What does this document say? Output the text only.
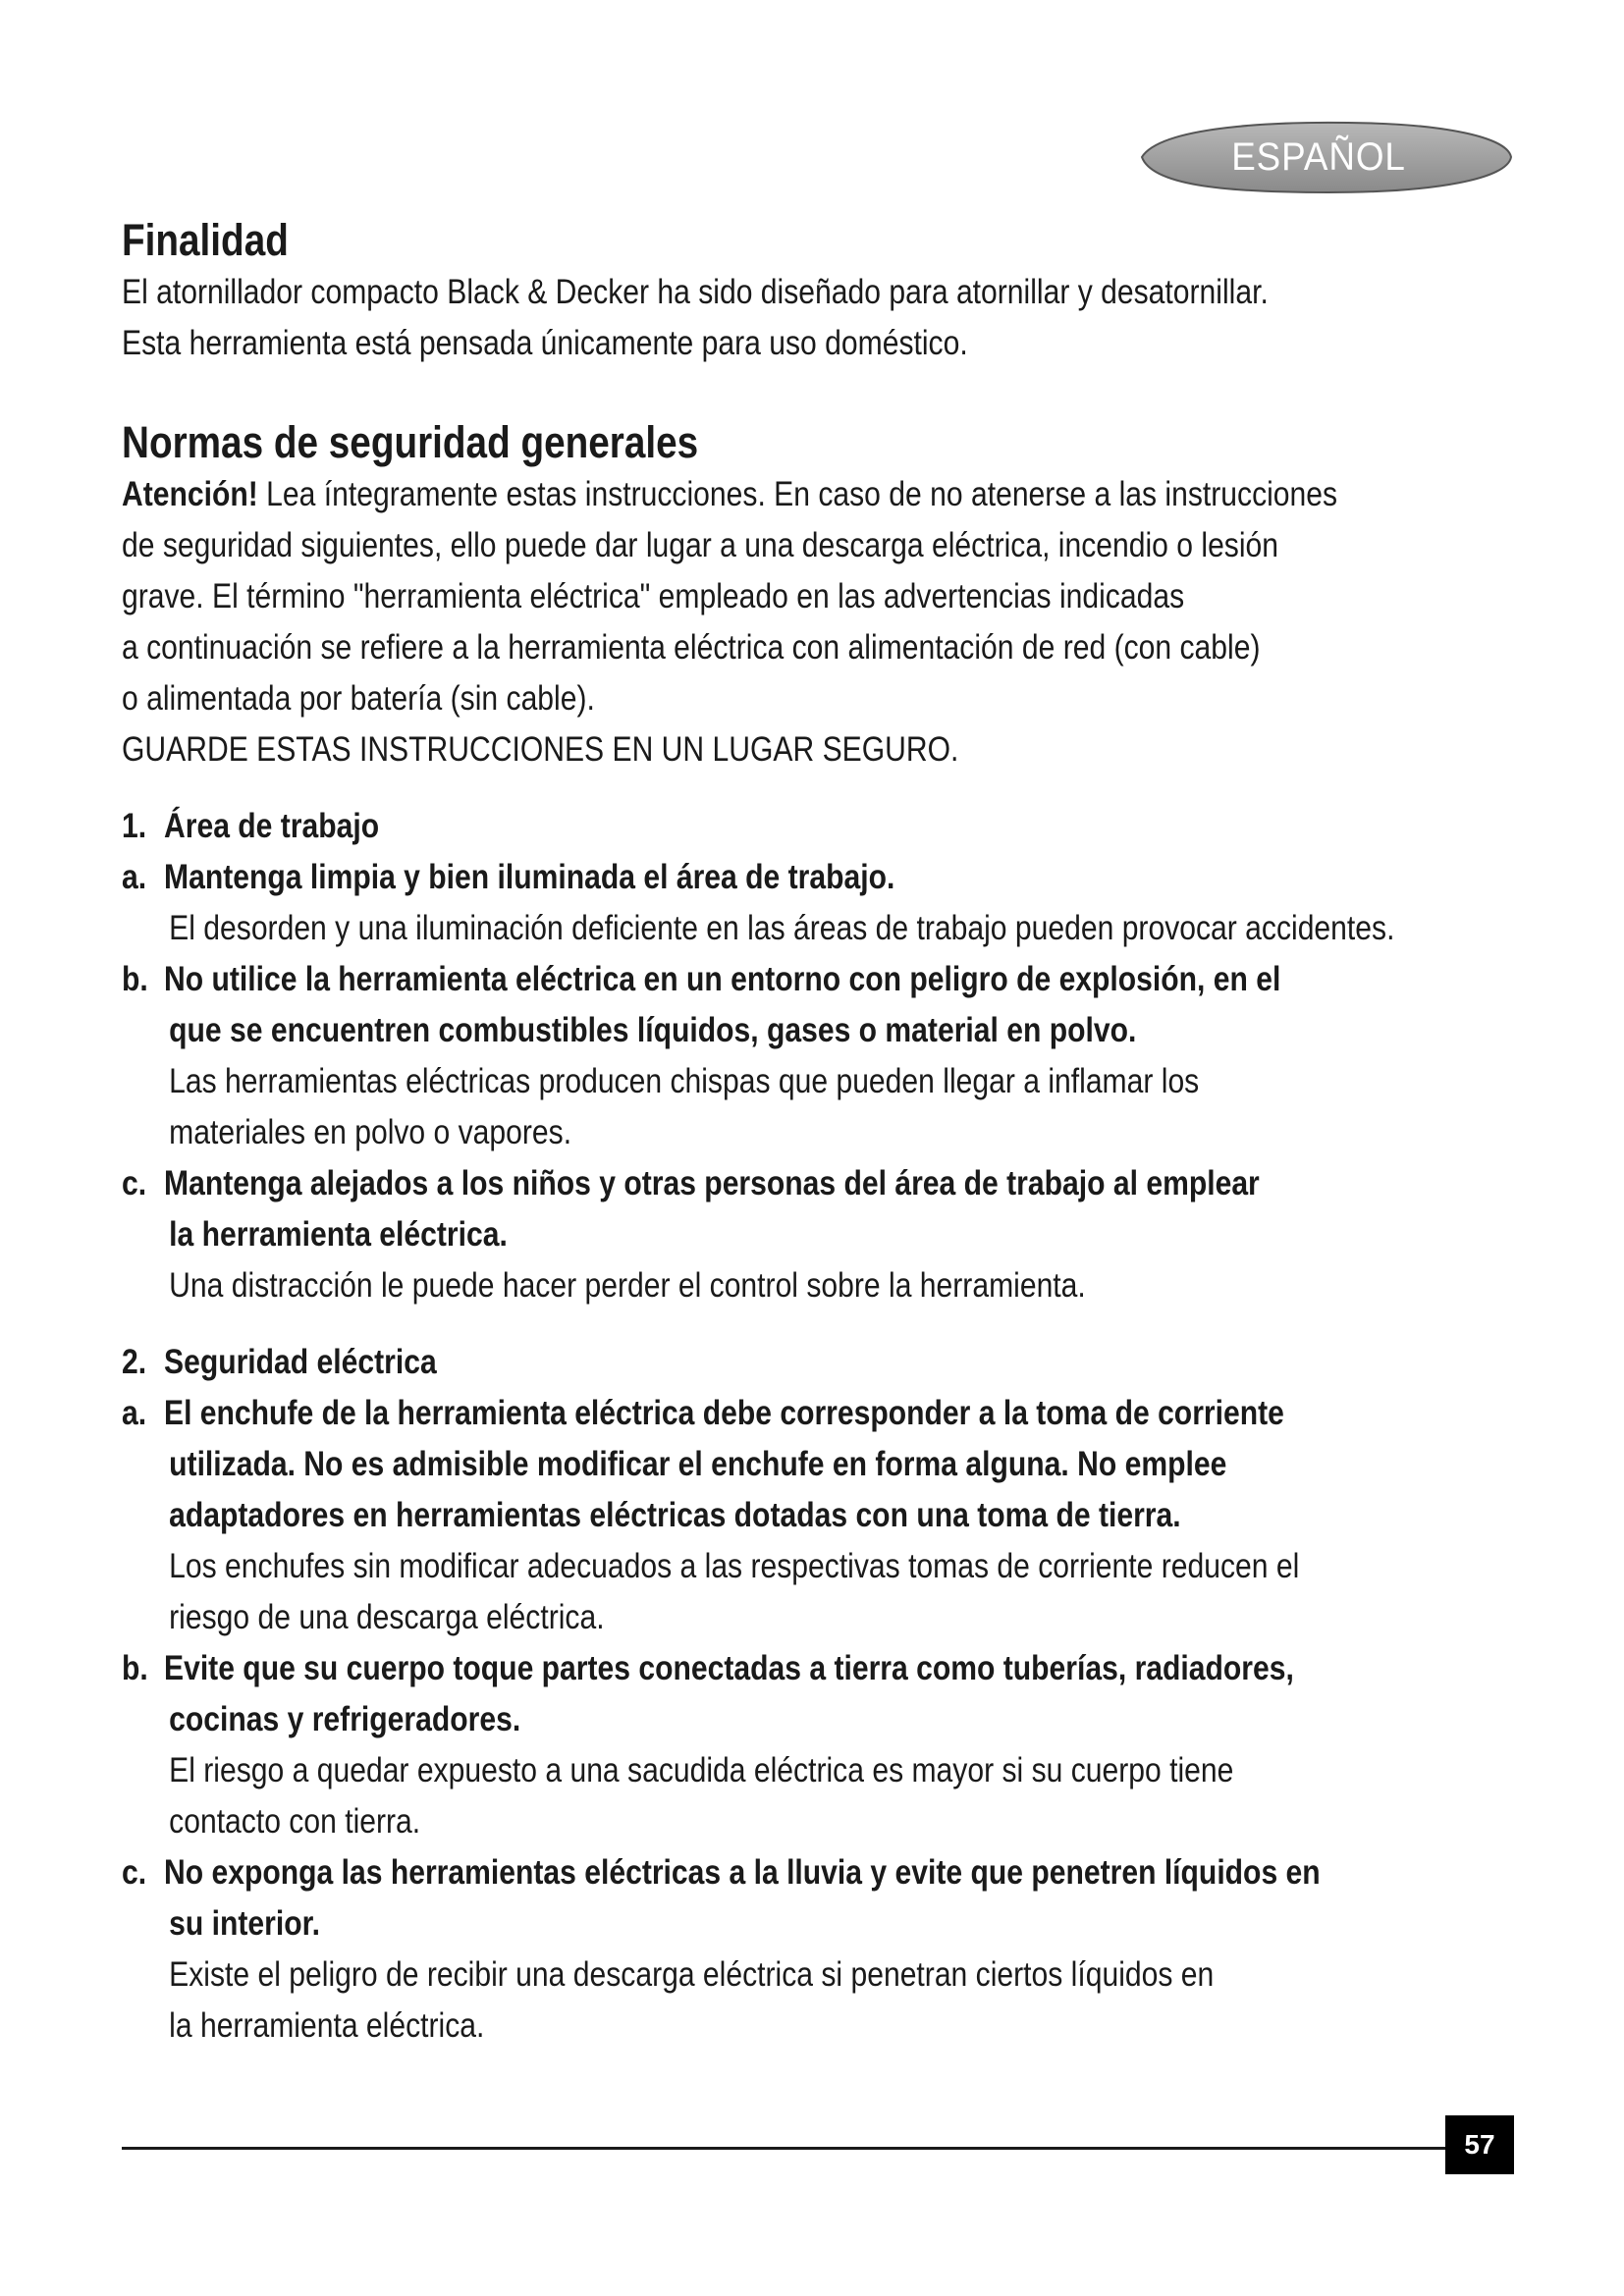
ESPAÑOL
Finalidad
El atornillador compacto Black & Decker ha sido diseñado para atornillar y desatornillar.
Esta herramienta está pensada únicamente para uso doméstico.
Normas de seguridad generales
Atención! Lea íntegramente estas instrucciones. En caso de no atenerse a las instrucciones
de seguridad siguientes, ello puede dar lugar a una descarga eléctrica, incendio o lesión
grave. El término "herramienta eléctrica" empleado en las advertencias indicadas
a continuación se refiere a la herramienta eléctrica con alimentación de red (con cable)
o alimentada por batería (sin cable).
GUARDE ESTAS INSTRUCCIONES EN UN LUGAR SEGURO.
1. Área de trabajo
a. Mantenga limpia y bien iluminada el área de trabajo.
El desorden y una iluminación deficiente en las áreas de trabajo pueden provocar accidentes.
b. No utilice la herramienta eléctrica en un entorno con peligro de explosión, en el
que se encuentren combustibles líquidos, gases o material en polvo.
Las herramientas eléctricas producen chispas que pueden llegar a inflamar los
materiales en polvo o vapores.
c. Mantenga alejados a los niños y otras personas del área de trabajo al emplear
la herramienta eléctrica.
Una distracción le puede hacer perder el control sobre la herramienta.
2. Seguridad eléctrica
a. El enchufe de la herramienta eléctrica debe corresponder a la toma de corriente
utilizada. No es admisible modificar el enchufe en forma alguna. No emplee
adaptadores en herramientas eléctricas dotadas con una toma de tierra.
Los enchufes sin modificar adecuados a las respectivas tomas de corriente reducen el
riesgo de una descarga eléctrica.
b. Evite que su cuerpo toque partes conectadas a tierra como tuberías, radiadores,
cocinas y refrigeradores.
El riesgo a quedar expuesto a una sacudida eléctrica es mayor si su cuerpo tiene
contacto con tierra.
c. No exponga las herramientas eléctricas a la lluvia y evite que penetren líquidos en
su interior.
Existe el peligro de recibir una descarga eléctrica si penetran ciertos líquidos en
la herramienta eléctrica.
57
